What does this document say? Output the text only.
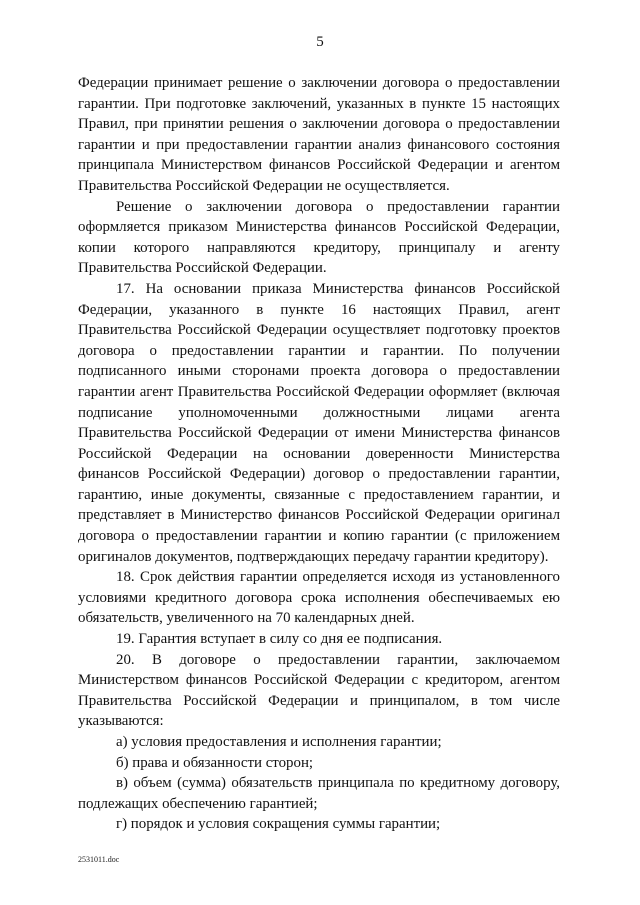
5

Федерации принимает решение о заключении договора о предоставлении гарантии. При подготовке заключений, указанных в пункте 15 настоящих Правил, при принятии решения о заключении договора о предоставлении гарантии и при предоставлении гарантии анализ финансового состояния принципала Министерством финансов Российской Федерации и агентом Правительства Российской Федерации не осуществляется.

Решение о заключении договора о предоставлении гарантии оформляется приказом Министерства финансов Российской Федерации, копии которого направляются кредитору, принципалу и агенту Правительства Российской Федерации.

17. На основании приказа Министерства финансов Российской Федерации, указанного в пункте 16 настоящих Правил, агент Правительства Российской Федерации осуществляет подготовку проектов договора о предоставлении гарантии и гарантии. По получении подписанного иными сторонами проекта договора о предоставлении гарантии агент Правительства Российской Федерации оформляет (включая подписание уполномоченными должностными лицами агента Правительства Российской Федерации от имени Министерства финансов Российской Федерации на основании доверенности Министерства финансов Российской Федерации) договор о предоставлении гарантии, гарантию, иные документы, связанные с предоставлением гарантии, и представляет в Министерство финансов Российской Федерации оригинал договора о предоставлении гарантии и копию гарантии (с приложением оригиналов документов, подтверждающих передачу гарантии кредитору).

18. Срок действия гарантии определяется исходя из установленного условиями кредитного договора срока исполнения обеспечиваемых ею обязательств, увеличенного на 70 календарных дней.

19. Гарантия вступает в силу со дня ее подписания.

20. В договоре о предоставлении гарантии, заключаемом Министерством финансов Российской Федерации с кредитором, агентом Правительства Российской Федерации и принципалом, в том числе указываются:

а) условия предоставления и исполнения гарантии;

б) права и обязанности сторон;

в) объем (сумма) обязательств принципала по кредитному договору, подлежащих обеспечению гарантией;

г) порядок и условия сокращения суммы гарантии;

2531011.doc
